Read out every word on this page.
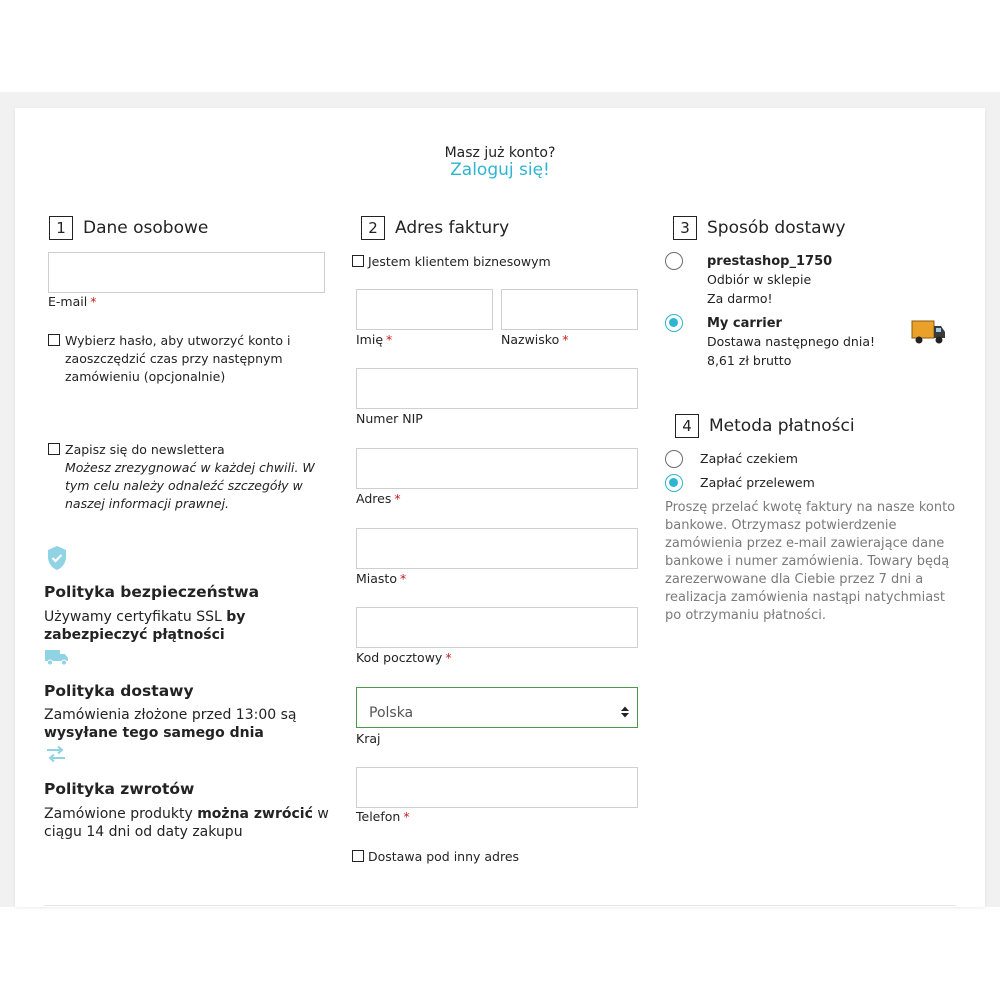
Masz już konto?
Zaloguj się!
1	Dane osobowe
E-mail *
Wybierz hasło, aby utworzyć konto i zaoszczędzić czas przy następnym zamówieniu (opcjonalnie)
Zapisz się do newslettera
Możesz zrezygnować w każdej chwili. W tym celu należy odnaleźć szczegóły w naszej informacji prawnej.
Polityka bezpieczeństwa
Używamy certyfikatu SSL by zabezpieczyć płątności
Polityka dostawy
Zamówienia złożone przed 13:00 są wysyłane tego samego dnia
Polityka zwrotów
Zamówione produkty można zwrócić w ciągu 14 dni od daty zakupu
2	Adres faktury
Jestem klientem biznesowym
Imię *	Nazwisko *
Numer NIP
Adres *
Miasto *
Kod pocztowy *
Polska
Kraj
Telefon *
Dostawa pod inny adres
3	Sposób dostawy
prestashop_1750
Odbiór w sklepie
Za darmo!
My carrier
Dostawa następnego dnia!
8,61 zł brutto
4	Metoda płatności
Zapłać czekiem
Zapłać przelewem
Proszę przelać kwotę faktury na nasze konto bankowe. Otrzymasz potwierdzenie zamówienia przez e-mail zawierające dane bankowe i numer zamówienia. Towary będą zarezerwowane dla Ciebie przez 7 dni a realizacja zamówienia nastąpi natychmiast po otrzymaniu płatności.
